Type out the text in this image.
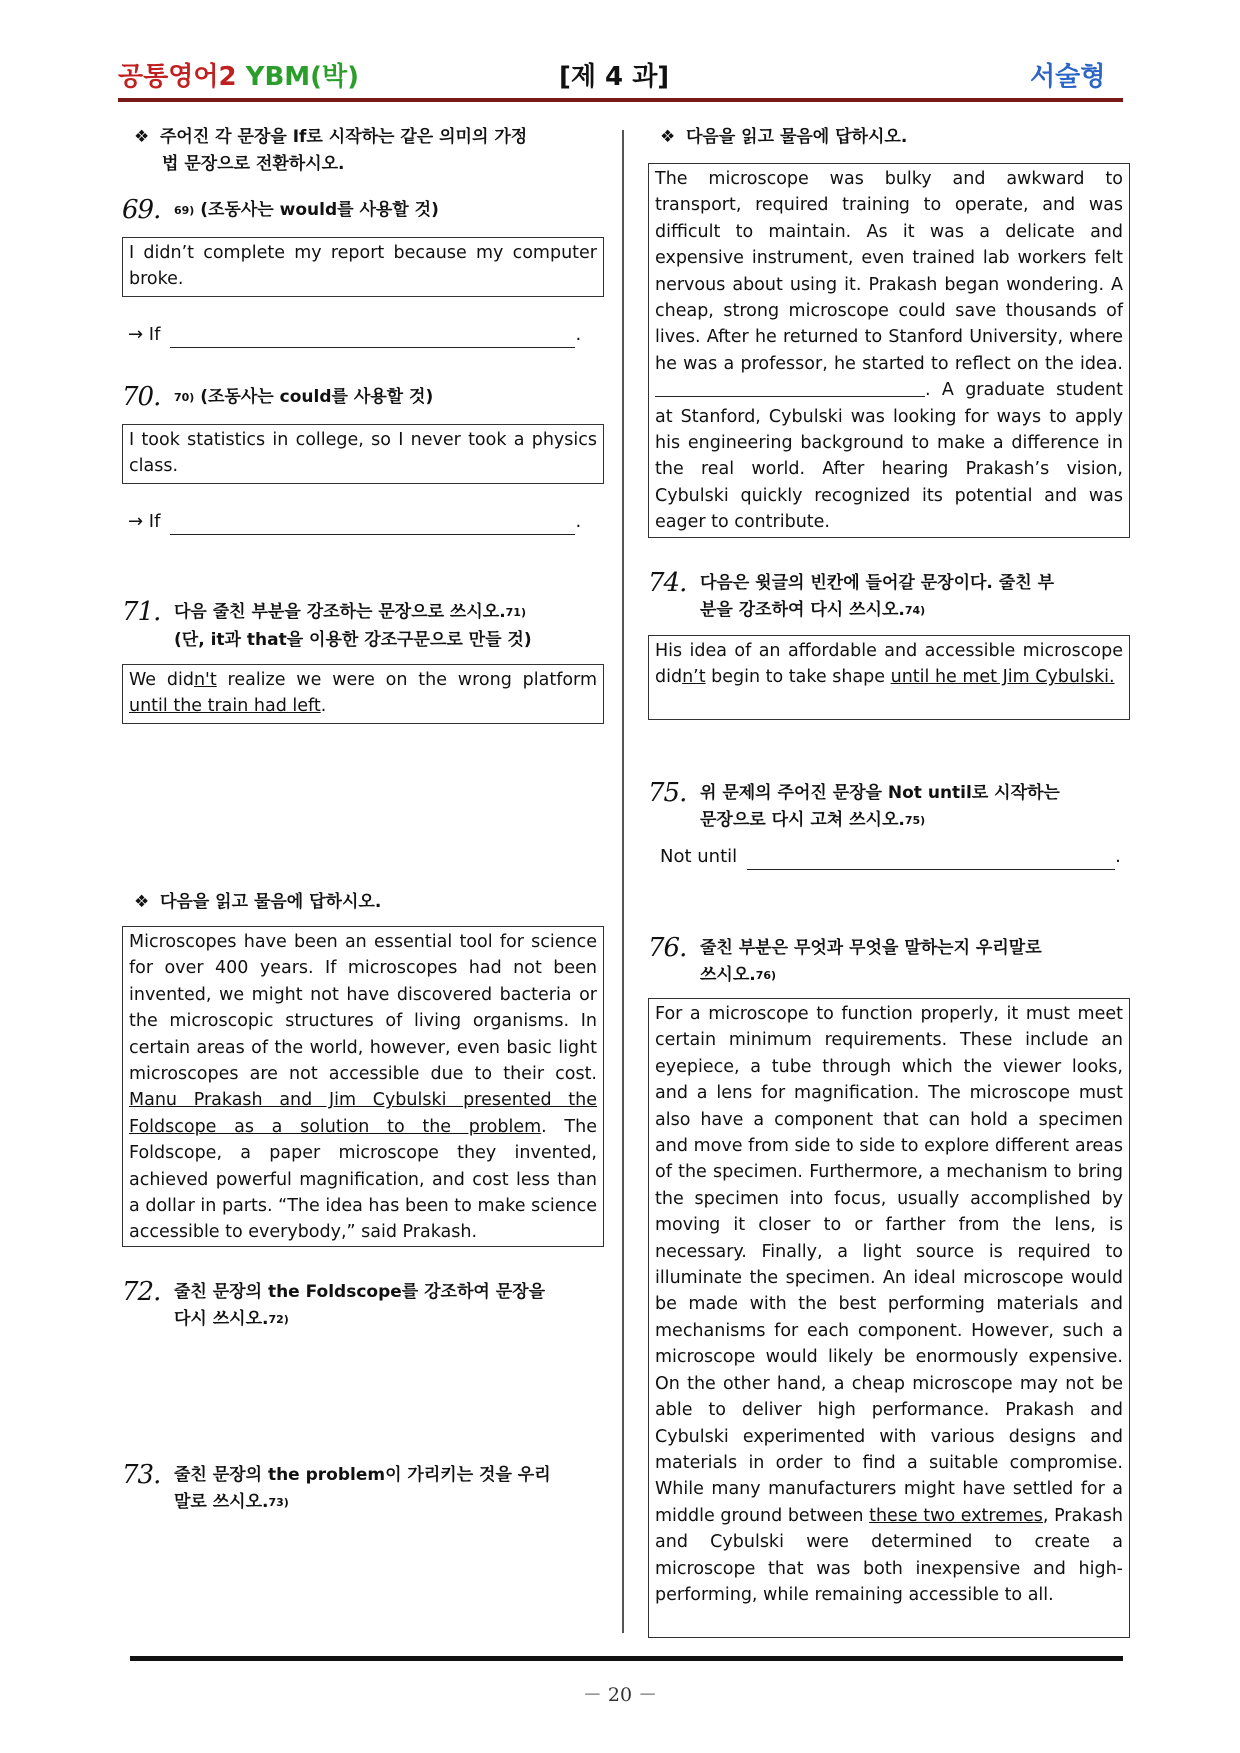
공통영어2 YBM(박)	[제 4 과]	서술형
❖ 주어진 각 문장을 If로 시작하는 같은 의미의 가정
법 문장으로 전환하시오.
69.	69) (조동사는 would를 사용할 것)

I didn’t complete my report because my computer broke.

→ If	.
70.	70) (조동사는 could를 사용할 것)

I took statistics in college, so I never took a physics class.

→ If	.
71. 다음 줄친 부분을 강조하는 문장으로 쓰시오.71)
(단, it과 that을 이용한 강조구문으로 만들 것)

We didn't realize we were on the wrong platform until the train had left.

❖ 다음을 읽고 물음에 답하시오.

Microscopes have been an essential tool for science for over 400 years. If microscopes had not been invented, we might not have discovered bacteria or the microscopic structures of living organisms. In certain areas of the world, however, even basic light microscopes are not accessible due to their cost. Manu Prakash and Jim Cybulski presented the Foldscope as a solution to the problem. The Foldscope, a paper microscope they invented, achieved powerful magnification, and cost less than a dollar in parts. “The idea has been to make science accessible to everybody,” said Prakash.

72. 줄친 문장의 the Foldscope를 강조하여 문장을
다시 쓰시오.72)
73. 줄친 문장의 the problem이 가리키는 것을 우리
말로 쓰시오.73)
❖ 다음을 읽고 물음에 답하시오.

The microscope was bulky and awkward to transport, required training to operate, and was difficult to maintain. As it was a delicate and expensive instrument, even trained lab workers felt nervous about using it. Prakash began wondering. A cheap, strong microscope could save thousands of lives. After he returned to Stanford University, where he was a professor, he started to reflect on the idea. . A graduate student at Stanford, Cybulski was looking for ways to apply his engineering background to make a difference in the real world. After hearing Prakash’s vision, Cybulski quickly recognized its potential and was eager to contribute.

74. 다음은 윗글의 빈칸에 들어갈 문장이다. 줄친 부
분을 강조하여 다시 쓰시오.74)

His idea of an affordable and accessible microscope didn’t begin to take shape until he met Jim Cybulski.

75. 위 문제의 주어진 문장을 Not until로 시작하는
문장으로 다시 고쳐 쓰시오.75)
Not until	.
76. 줄친 부분은 무엇과 무엇을 말하는지 우리말로
쓰시오.76)

For a microscope to function properly, it must meet certain minimum requirements. These include an eyepiece, a tube through which the viewer looks, and a lens for magnification. The microscope must also have a component that can hold a specimen and move from side to side to explore different areas of the specimen. Furthermore, a mechanism to bring the specimen into focus, usually accomplished by moving it closer to or farther from the lens, is necessary. Finally, a light source is required to illuminate the specimen. An ideal microscope would be made with the best performing materials and mechanisms for each component. However, such a microscope would likely be enormously expensive. On the other hand, a cheap microscope may not be able to deliver high performance. Prakash and Cybulski experimented with various designs and materials in order to find a suitable compromise. While many manufacturers might have settled for a middle ground between these two extremes, Prakash and Cybulski were determined to create a microscope that was both inexpensive and high-performing, while remaining accessible to all.

－ 20 －
